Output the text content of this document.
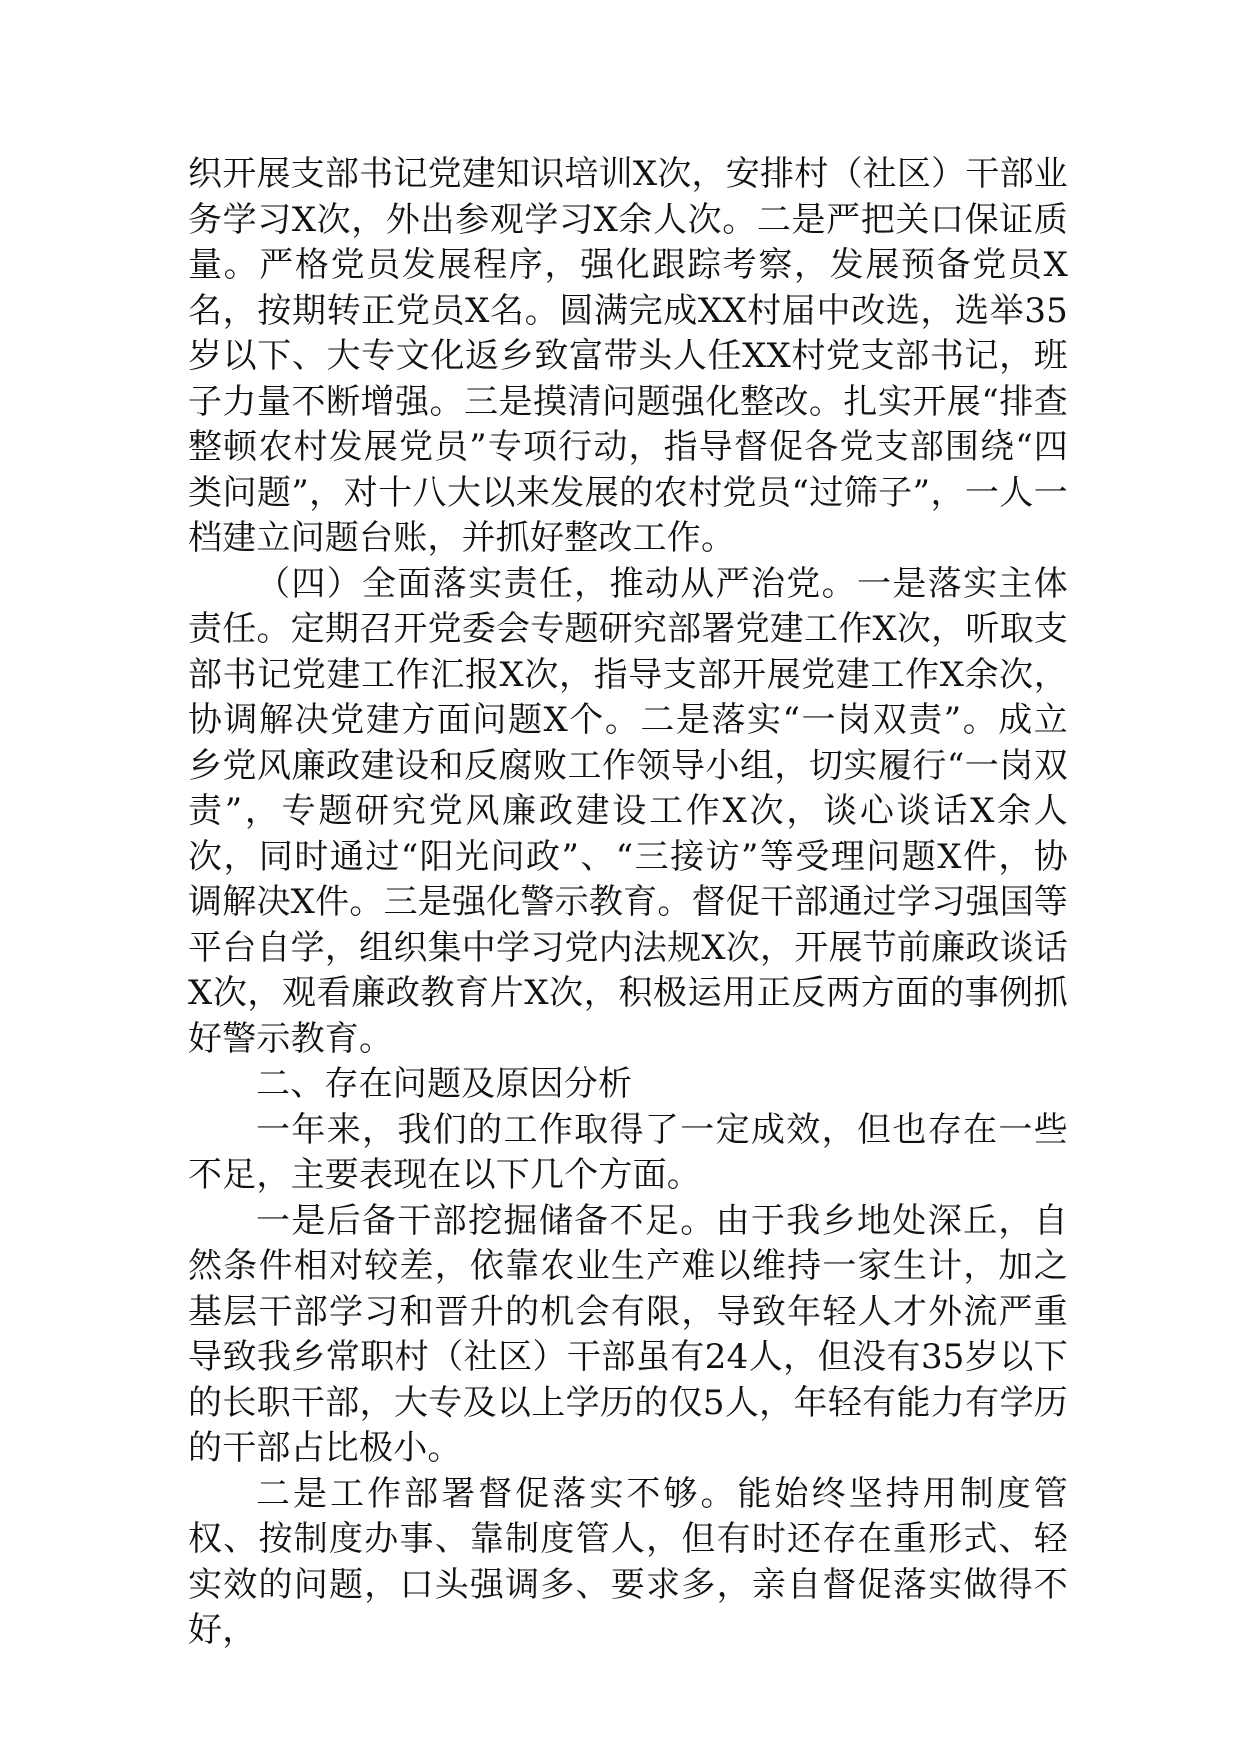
织开展支部书记党建知识培训X次，安排村（社区）干部业务学习X次，外出参观学习X余人次。二是严把关口保证质量。严格党员发展程序，强化跟踪考察，发展预备党员X名，按期转正党员X名。圆满完成XX村届中改选，选举35岁以下、大专文化返乡致富带头人任XX村党支部书记，班子力量不断增强。三是摸清问题强化整改。扎实开展“排查整顿农村发展党员”专项行动，指导督促各党支部围绕“四类问题”，对十八大以来发展的农村党员“过筛子”，一人一档建立问题台账，并抓好整改工作。

（四）全面落实责任，推动从严治党。一是落实主体责任。定期召开党委会专题研究部署党建工作X次，听取支部书记党建工作汇报X次，指导支部开展党建工作X余次，协调解决党建方面问题X个。二是落实“一岗双责”。成立乡党风廉政建设和反腐败工作领导小组，切实履行“一岗双责”，专题研究党风廉政建设工作X次，谈心谈话X余人次，同时通过“阳光问政”、“三接访”等受理问题X件，协调解决X件。三是强化警示教育。督促干部通过学习强国等平台自学，组织集中学习党内法规X次，开展节前廉政谈话X次，观看廉政教育片X次，积极运用正反两方面的事例抓好警示教育。

二、存在问题及原因分析

一年来，我们的工作取得了一定成效，但也存在一些不足，主要表现在以下几个方面。

一是后备干部挖掘储备不足。由于我乡地处深丘，自然条件相对较差，依靠农业生产难以维持一家生计，加之基层干部学习和晋升的机会有限，导致年轻人才外流严重导致我乡常职村（社区）干部虽有24人，但没有35岁以下的长职干部，大专及以上学历的仅5人，年轻有能力有学历的干部占比极小。

二是工作部署督促落实不够。能始终坚持用制度管权、按制度办事、靠制度管人，但有时还存在重形式、轻实效的问题，口头强调多、要求多，亲自督促落实做得不好，
